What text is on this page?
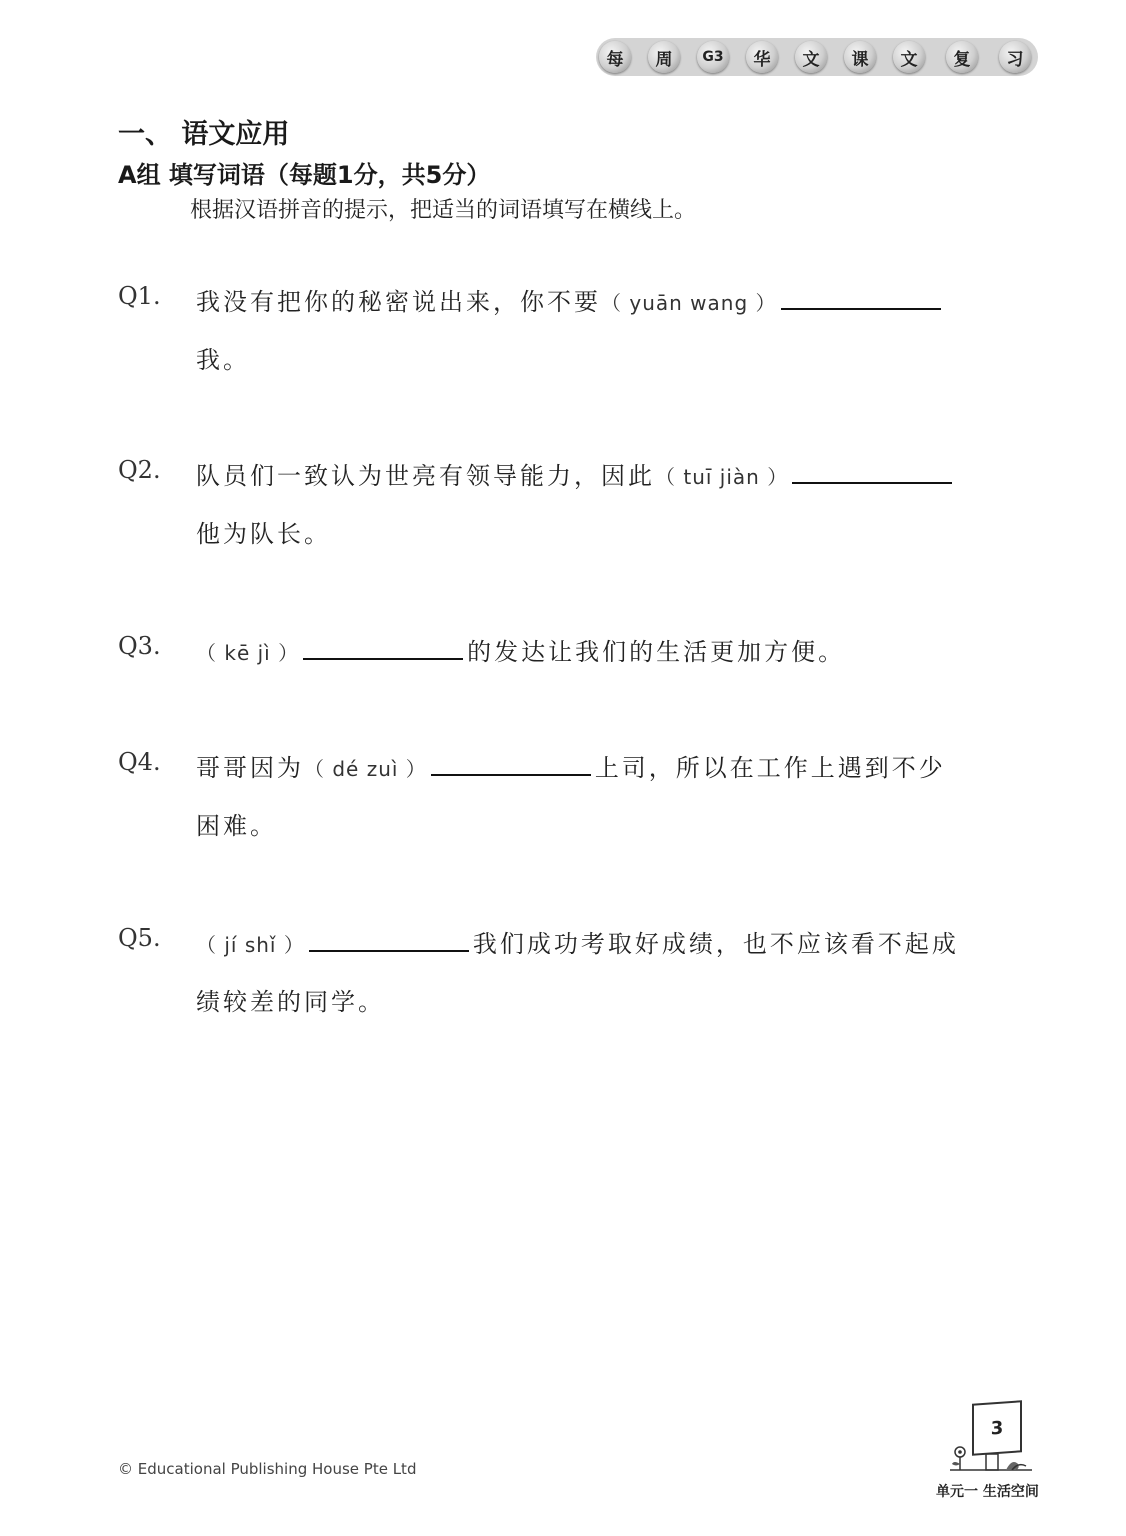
每	周	G3	华	文	课	文	复	习
一、 语文应用
A组 填写词语（每题1分，共5分）
根据汉语拼音的提示，把适当的词语填写在横线上。
Q1. 我没有把你的秘密说出来，你不要（ yuān wang ）
我。
Q2. 队员们一致认为世亮有领导能力，因此（ tuī jiàn ）
他为队长。
Q3. （ kē jì ）	的发达让我们的生活更加方便。
Q4. 哥哥因为（ dé zuì ）	上司，所以在工作上遇到不少
困难。
Q5. （ jí shǐ ）	我们成功考取好成绩，也不应该看不起成
绩较差的同学。
© Educational Publishing House Pte Ltd
3
单元一 生活空间
